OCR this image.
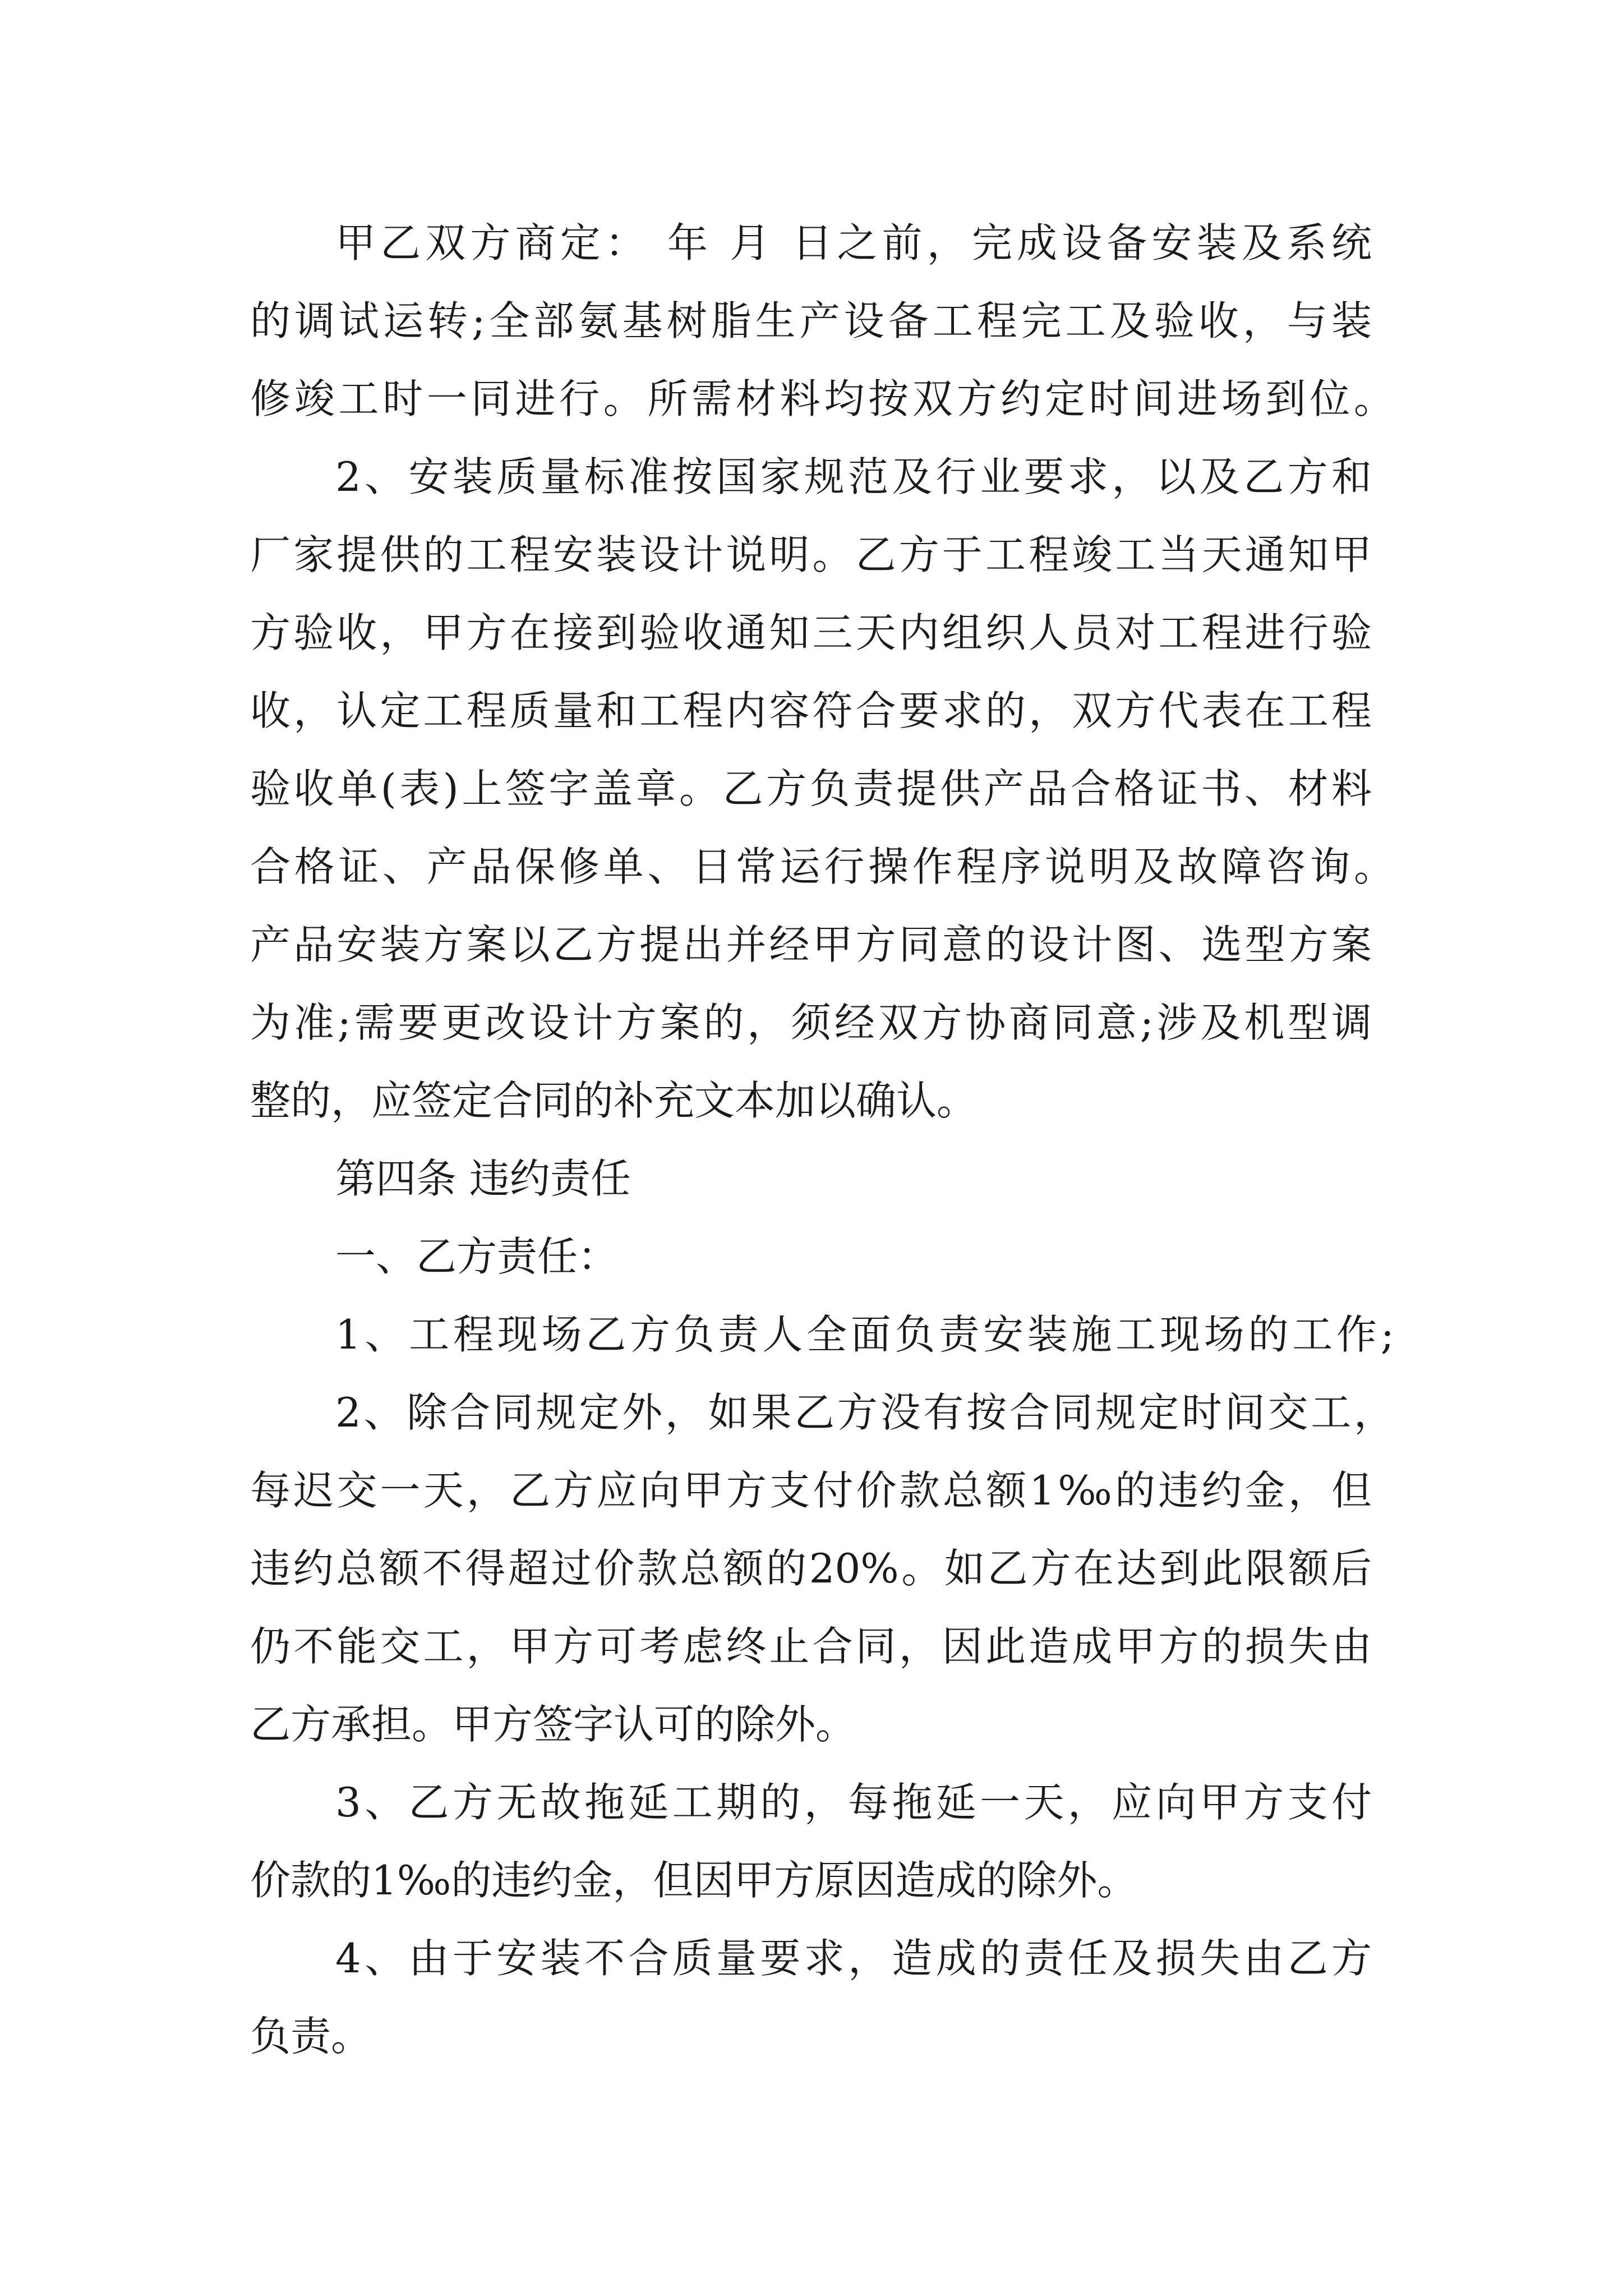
甲乙双方商定： 年 月 日之前，完成设备安装及系统
的调试运转;全部氨基树脂生产设备工程完工及验收，与装
修竣工时一同进行。所需材料均按双方约定时间进场到位。
2、安装质量标准按国家规范及行业要求，以及乙方和
厂家提供的工程安装设计说明。乙方于工程竣工当天通知甲
方验收，甲方在接到验收通知三天内组织人员对工程进行验
收，认定工程质量和工程内容符合要求的，双方代表在工程
验收单(表)上签字盖章。乙方负责提供产品合格证书、材料
合格证、产品保修单、日常运行操作程序说明及故障咨询。
产品安装方案以乙方提出并经甲方同意的设计图、选型方案
为准;需要更改设计方案的，须经双方协商同意;涉及机型调
整的，应签定合同的补充文本加以确认。
第四条 违约责任
一、乙方责任：
1、工程现场乙方负责人全面负责安装施工现场的工作;
2、除合同规定外，如果乙方没有按合同规定时间交工，
每迟交一天，乙方应向甲方支付价款总额1‰的违约金，但
违约总额不得超过价款总额的20%。如乙方在达到此限额后
仍不能交工，甲方可考虑终止合同，因此造成甲方的损失由
乙方承担。甲方签字认可的除外。
3、乙方无故拖延工期的，每拖延一天，应向甲方支付
价款的1‰的违约金，但因甲方原因造成的除外。
4、由于安装不合质量要求，造成的责任及损失由乙方
负责。
